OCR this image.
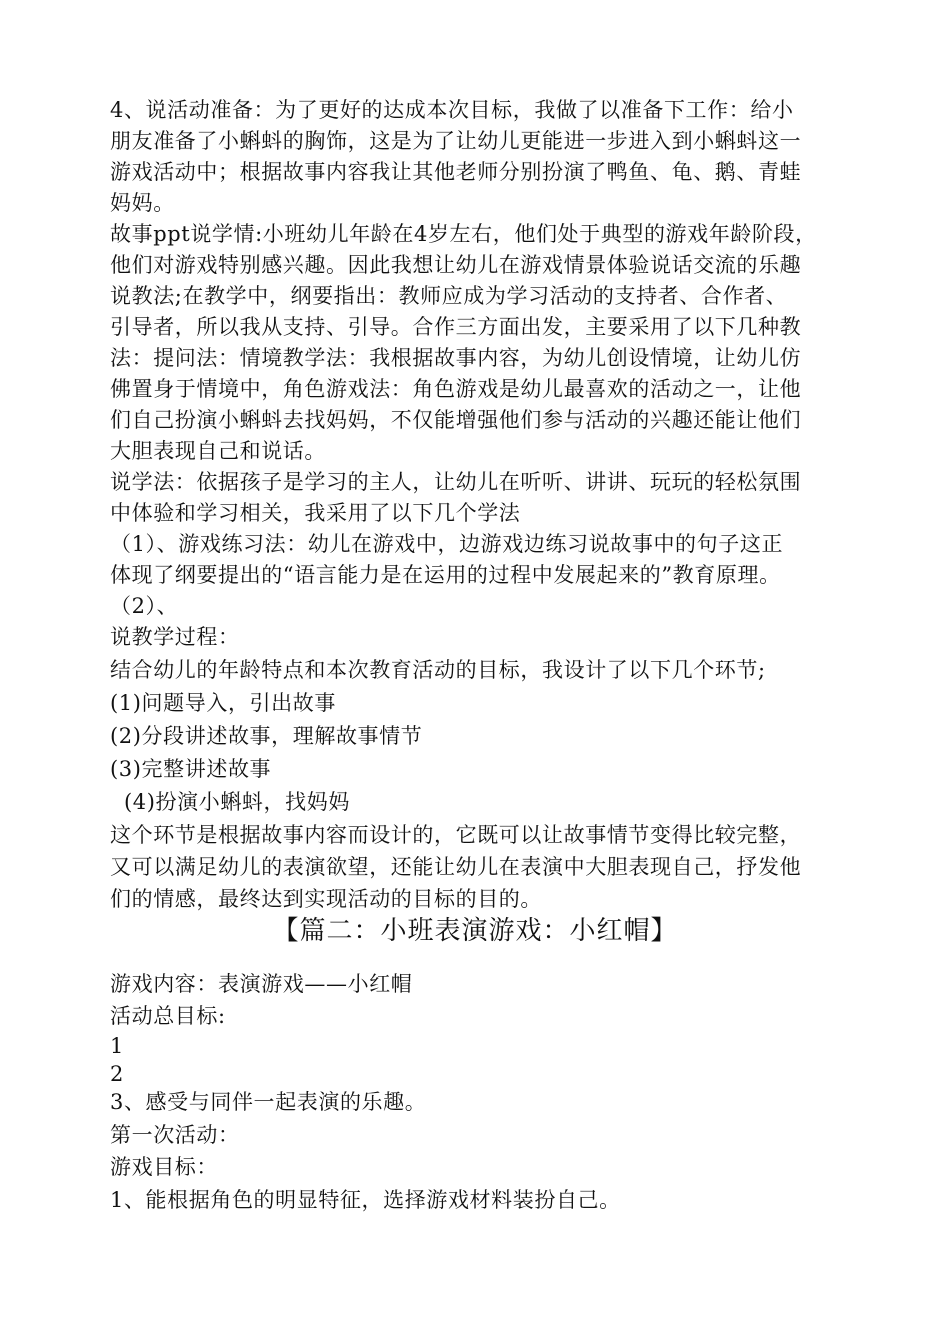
4、说活动准备：为了更好的达成本次目标，我做了以准备下工作：给小
朋友准备了小蝌蚪的胸饰，这是为了让幼儿更能进一步进入到小蝌蚪这一
游戏活动中；根据故事内容我让其他老师分别扮演了鸭鱼、龟、鹅、青蛙
妈妈。
故事ppt说学情:小班幼儿年龄在4岁左右，他们处于典型的游戏年龄阶段，
他们对游戏特别感兴趣。因此我想让幼儿在游戏情景体验说话交流的乐趣
说教法;在教学中，纲要指出：教师应成为学习活动的支持者、合作者、
引导者，所以我从支持、引导。合作三方面出发，主要采用了以下几种教
法：提问法：情境教学法：我根据故事内容，为幼儿创设情境，让幼儿仿
佛置身于情境中，角色游戏法：角色游戏是幼儿最喜欢的活动之一，让他
们自己扮演小蝌蚪去找妈妈，不仅能增强他们参与活动的兴趣还能让他们
大胆表现自己和说话。
说学法：依据孩子是学习的主人，让幼儿在听听、讲讲、玩玩的轻松氛围
中体验和学习相关，我采用了以下几个学法
（1）、游戏练习法：幼儿在游戏中，边游戏边练习说故事中的句子这正
体现了纲要提出的“语言能力是在运用的过程中发展起来的”教育原理。
（2）、
说教学过程：
结合幼儿的年龄特点和本次教育活动的目标，我设计了以下几个环节;
(1)问题导入，引出故事
(2)分段讲述故事，理解故事情节
(3)完整讲述故事
(4)扮演小蝌蚪，找妈妈
这个环节是根据故事内容而设计的，它既可以让故事情节变得比较完整，
又可以满足幼儿的表演欲望，还能让幼儿在表演中大胆表现自己，抒发他
们的情感，最终达到实现活动的目标的目的。
【篇二：小班表演游戏：小红帽】
游戏内容：表演游戏——小红帽
活动总目标:
1
2
3、感受与同伴一起表演的乐趣。
第一次活动：
游戏目标：
1、能根据角色的明显特征，选择游戏材料装扮自己。
